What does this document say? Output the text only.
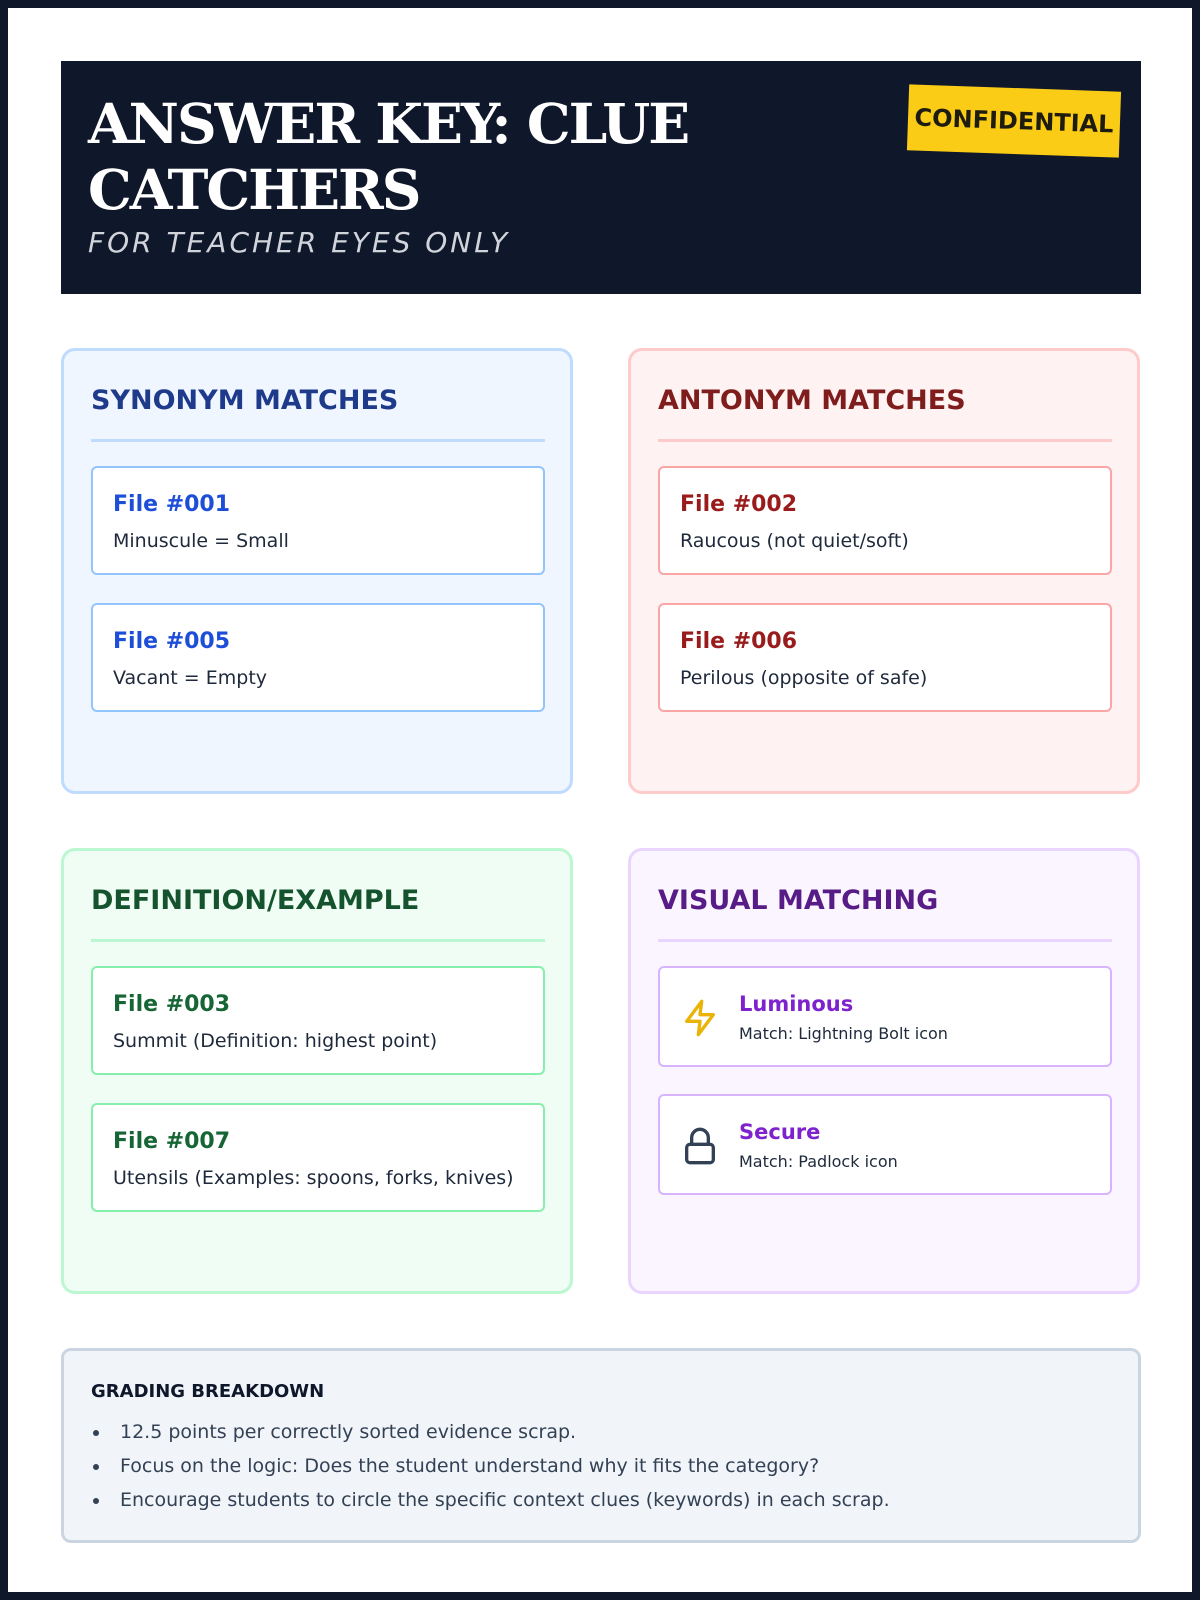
ANSWER KEY: CLUE CATCHERS
FOR TEACHER EYES ONLY
CONFIDENTIAL
SYNONYM MATCHES
File #001
Minuscule = Small
File #005
Vacant = Empty
ANTONYM MATCHES
File #002
Raucous (not quiet/soft)
File #006
Perilous (opposite of safe)
DEFINITION/EXAMPLE
File #003
Summit (Definition: highest point)
File #007
Utensils (Examples: spoons, forks, knives)
VISUAL MATCHING
Luminous
Match: Lightning Bolt icon
Secure
Match: Padlock icon
GRADING BREAKDOWN
12.5 points per correctly sorted evidence scrap.
Focus on the logic: Does the student understand why it fits the category?
Encourage students to circle the specific context clues (keywords) in each scrap.
